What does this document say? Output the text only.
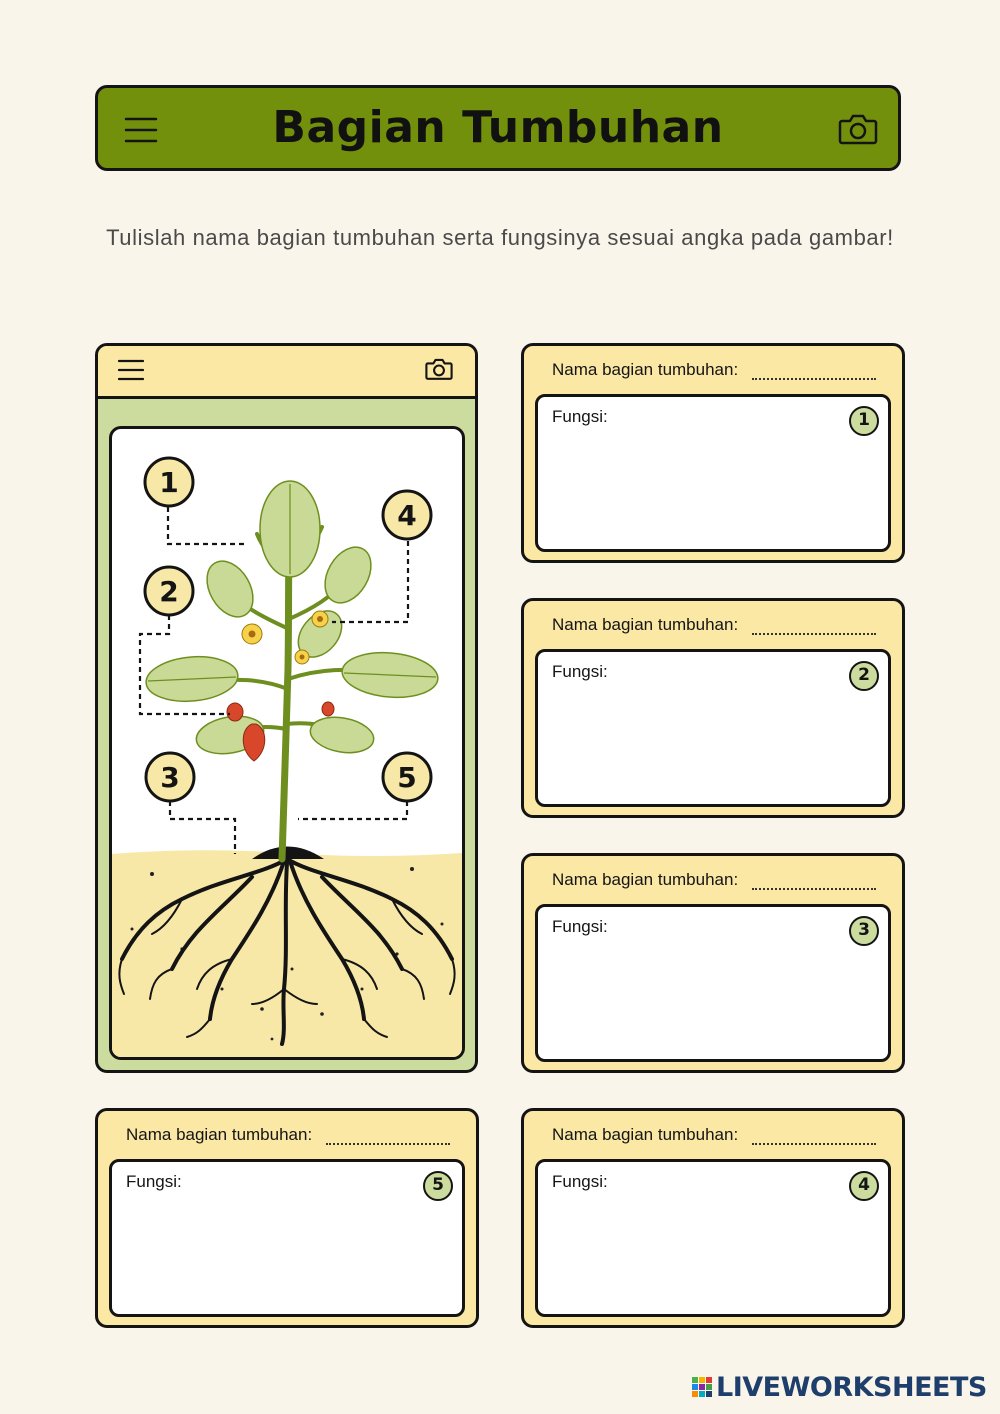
Bagian Tumbuhan
Tulislah nama bagian tumbuhan serta fungsinya sesuai angka pada gambar!
1
4
2
3	5
Nama bagian tumbuhan:
Fungsi:	1
Nama bagian tumbuhan:
Fungsi:	2
Nama bagian tumbuhan:
Fungsi:	3
Nama bagian tumbuhan:
Fungsi:	5
Nama bagian tumbuhan:
Fungsi:	4
LIVEWORKSHEETS
